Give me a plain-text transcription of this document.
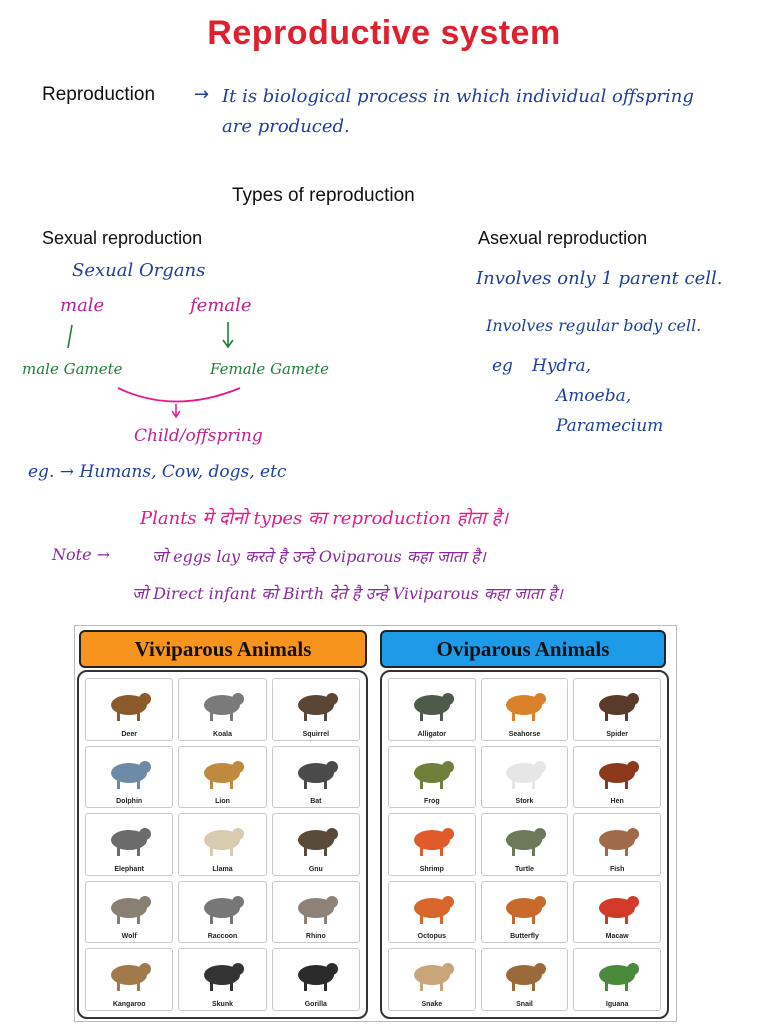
Reproductive system
Reproduction → It is biological process in which individual offspring
are produced.
Types of reproduction
Sexual reproduction
Sexual Organs
male	female
male Gamete	Female Gamete
Child/offspring
eg. → Humans, Cow, dogs, etc
Asexual reproduction
Involves only 1 parent cell.
Involves regular body cell.
eg Hydra,
Amoeba,
Paramecium
Plants मे दोनो types का reproduction होता है।
Note →	जो eggs lay करते है उन्हे Oviparous कहा जाता है।
जो Direct infant को Birth देते है उन्हे Viviparous कहा जाता है।
Viviparous Animals	Oviparous Animals
Deer	Koala	Squirrel
Dolphin	Lion	Bat
Elephant	Llama	Gnu
Wolf	Raccoon	Rhino
Kangaroo	Skunk	Gorilla
Alligator	Seahorse	Spider
Frog	Stork	Hen
Shrimp	Turtle	Fish
Octopus	Butterfly	Macaw
Snake	Snail	Iguana
